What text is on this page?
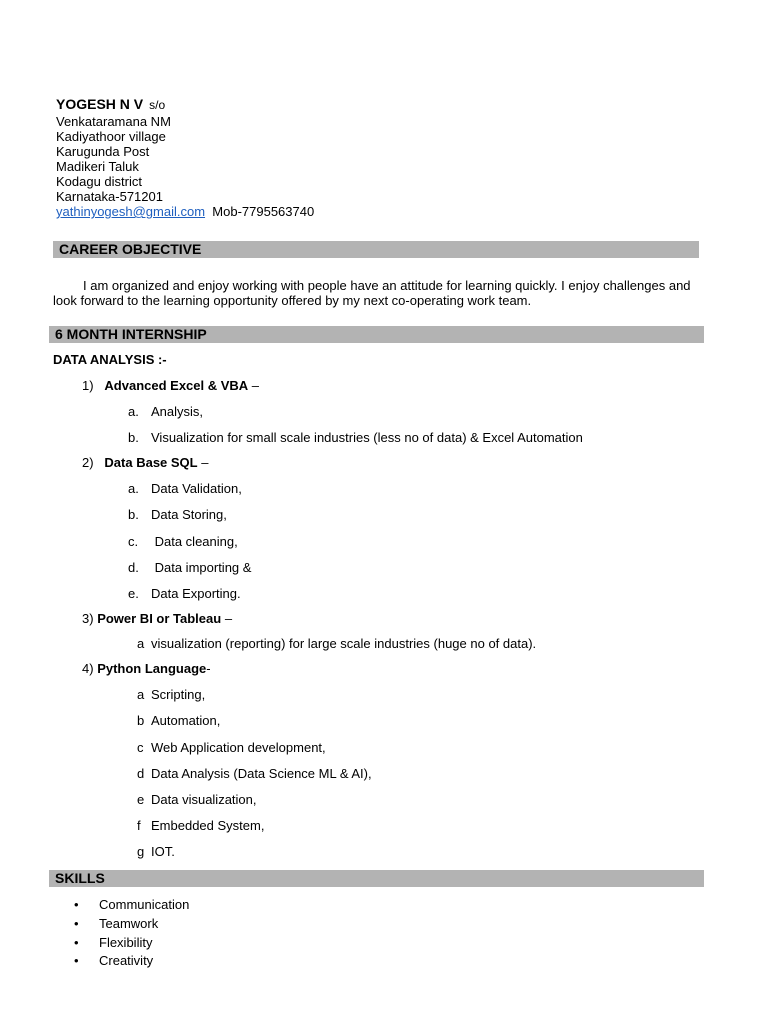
YOGESH N V s/o
Venkataramana NM
Kadiyathoor village
Karugunda Post
Madikeri Taluk
Kodagu district
Karnataka-571201
yathinyogesh@gmail.com Mob-7795563740
CAREER OBJECTIVE
I am organized and enjoy working with people have an attitude for learning quickly. I enjoy challenges and look forward to the learning opportunity offered by my next co-operating work team.
6 MONTH INTERNSHIP
DATA ANALYSIS :-
1) Advanced Excel & VBA –
a. Analysis,
b. Visualization for small scale industries (less no of data) & Excel Automation
2) Data Base SQL –
a. Data Validation,
b. Data Storing,
c. Data cleaning,
d. Data importing &
e. Data Exporting.
3) Power BI or Tableau –
a visualization (reporting) for large scale industries (huge no of data).
4) Python Language-
a Scripting,
b Automation,
c Web Application development,
d Data Analysis (Data Science ML & AI),
e Data visualization,
f Embedded System,
g IOT.
SKILLS
• Communication
• Teamwork
• Flexibility
• Creativity
